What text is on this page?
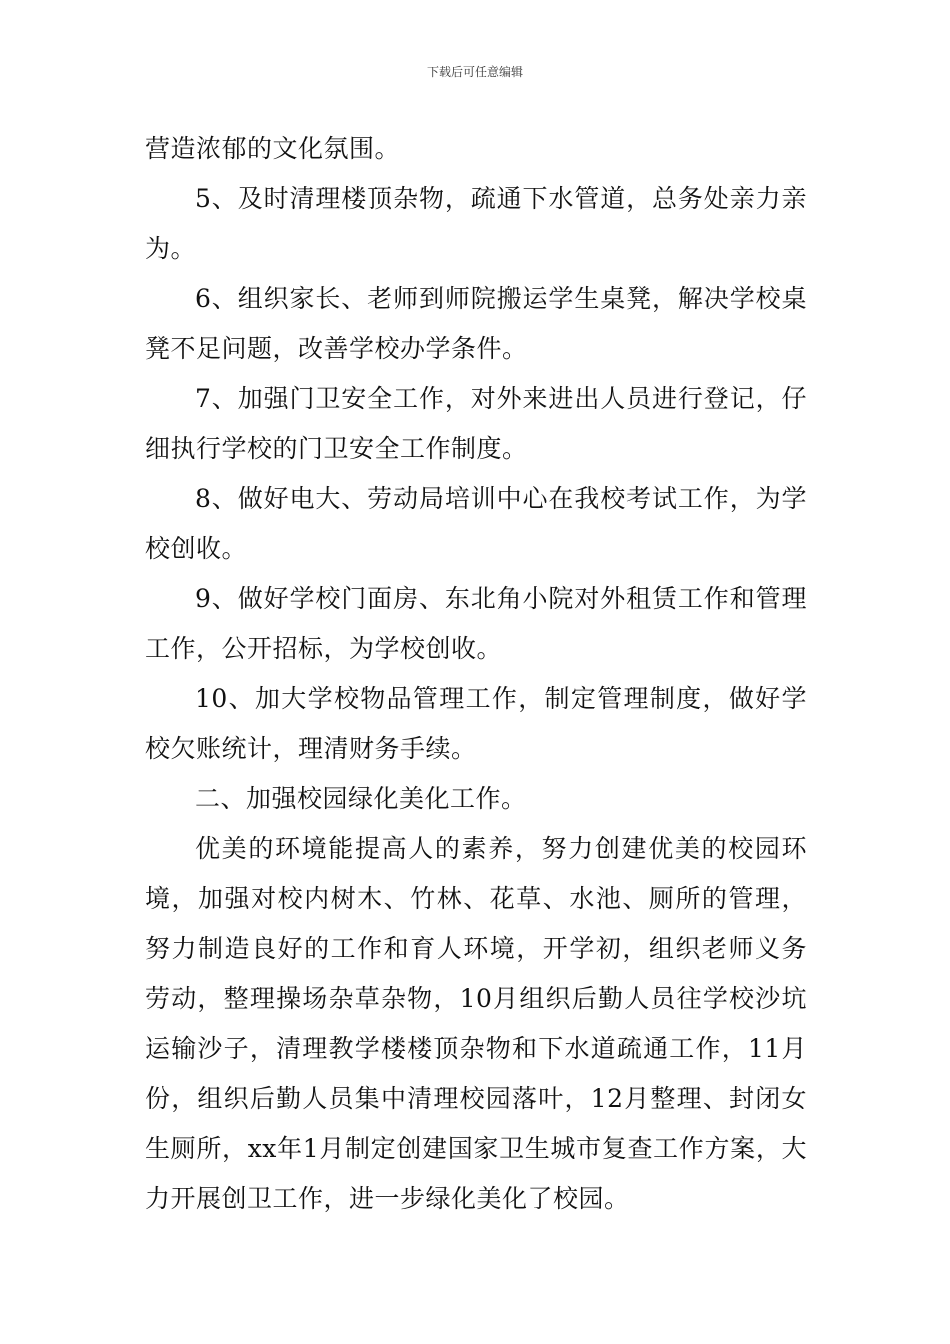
下载后可任意编辑

营造浓郁的文化氛围。

5、及时清理楼顶杂物，疏通下水管道，总务处亲力亲为。

6、组织家长、老师到师院搬运学生桌凳，解决学校桌凳不足问题，改善学校办学条件。

7、加强门卫安全工作，对外来进出人员进行登记，仔细执行学校的门卫安全工作制度。

8、做好电大、劳动局培训中心在我校考试工作，为学校创收。

9、做好学校门面房、东北角小院对外租赁工作和管理工作，公开招标，为学校创收。

10、加大学校物品管理工作，制定管理制度，做好学校欠账统计，理清财务手续。

二、加强校园绿化美化工作。

优美的环境能提高人的素养，努力创建优美的校园环境，加强对校内树木、竹林、花草、水池、厕所的管理，努力制造良好的工作和育人环境，开学初，组织老师义务劳动，整理操场杂草杂物，10月组织后勤人员往学校沙坑运输沙子，清理教学楼楼顶杂物和下水道疏通工作，11月份，组织后勤人员集中清理校园落叶，12月整理、封闭女生厕所，xx年1月制定创建国家卫生城市复查工作方案，大力开展创卫工作，进一步绿化美化了校园。
